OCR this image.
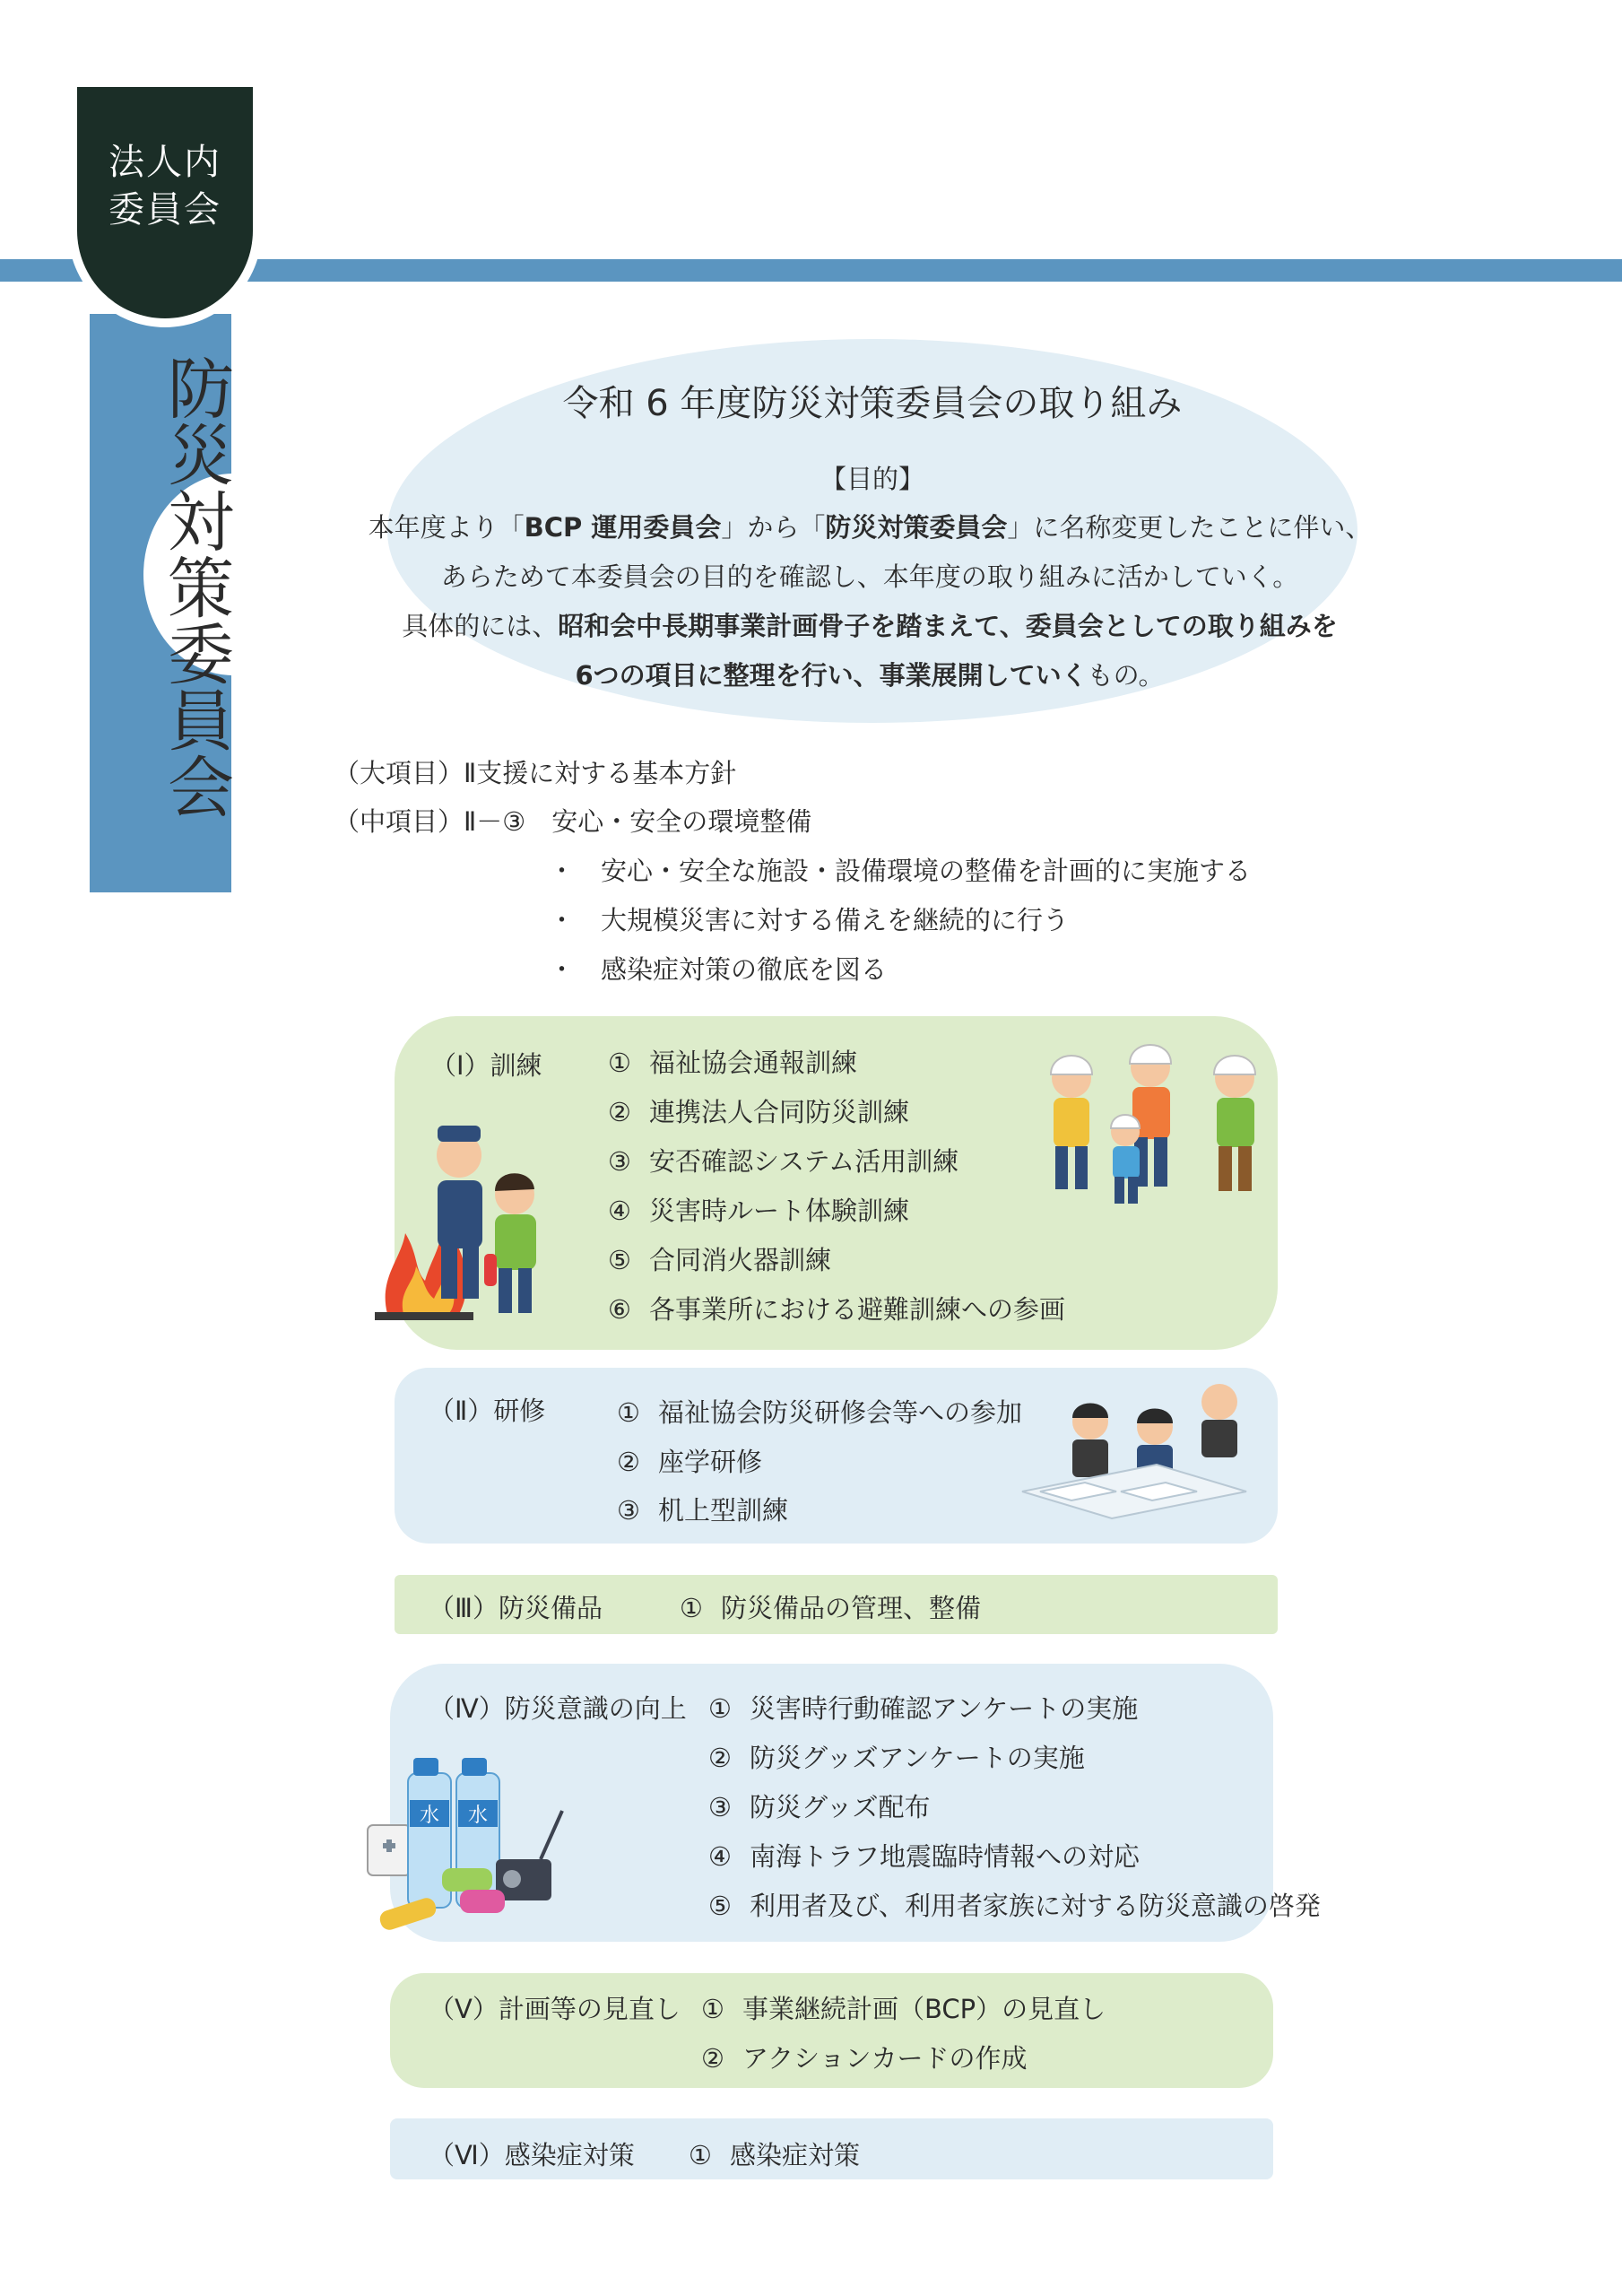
防災対策委員会
法人内
委員会
令和 6 年度防災対策委員会の取り組み
【目的】
本年度より「BCP 運用委員会」から「防災対策委員会」に名称変更したことに伴い、
あらためて本委員会の目的を確認し、本年度の取り組みに活かしていく。
具体的には、昭和会中長期事業計画骨子を踏まえて、委員会としての取り組みを
6つの項目に整理を行い、事業展開していくもの。
（大項目）Ⅱ支援に対する基本方針
（中項目）Ⅱ－③　安心・安全の環境整備
・　安心・安全な施設・設備環境の整備を計画的に実施する
・　大規模災害に対する備えを継続的に行う
・　感染症対策の徹底を図る
（Ⅰ）訓練	① 福祉協会通報訓練
② 連携法人合同防災訓練
③ 安否確認システム活用訓練
④ 災害時ルート体験訓練
⑤ 合同消火器訓練
⑥ 各事業所における避難訓練への参画
（Ⅱ）研修	① 福祉協会防災研修会等への参加
② 座学研修
③ 机上型訓練
（Ⅲ）防災備品	① 防災備品の管理、整備
（Ⅳ）防災意識の向上 ① 災害時行動確認アンケートの実施
② 防災グッズアンケートの実施
③ 防災グッズ配布
④ 南海トラフ地震臨時情報への対応
⑤ 利用者及び、利用者家族に対する防災意識の啓発
水 水
（Ⅴ）計画等の見直し ① 事業継続計画（BCP）の見直し
② アクションカードの作成
（Ⅵ）感染症対策 ① 感染症対策
